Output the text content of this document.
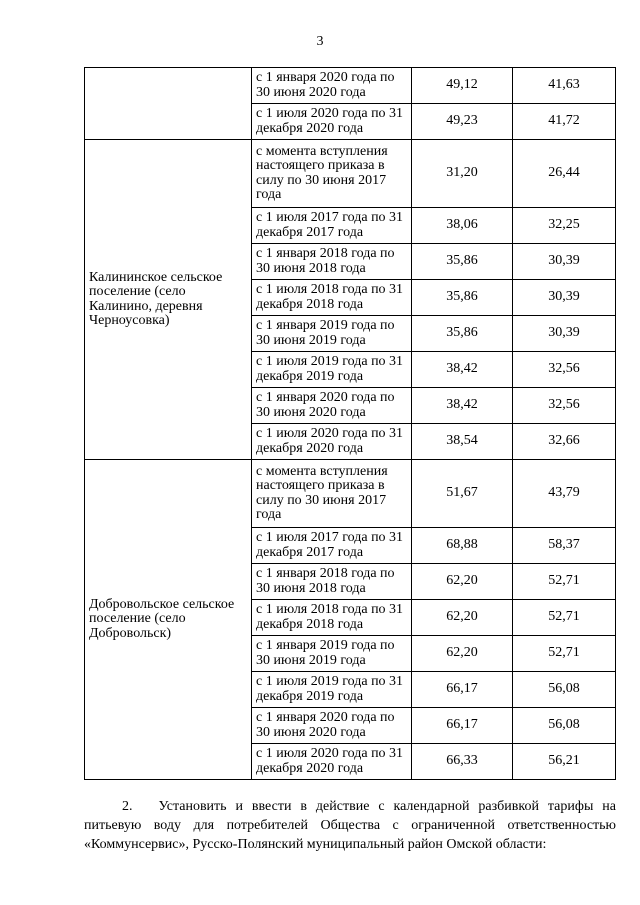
3
	с 1 января 2020 года по 30 июня 2020 года	49,12	41,63
	с 1 июля 2020 года по 31 декабря 2020 года	49,23	41,72
Калининское сельское поселение (село Калинино, деревня Черноусовка)	с момента вступления настоящего приказа в силу по 30 июня 2017 года	31,20	26,44
	с 1 июля 2017 года по 31 декабря 2017 года	38,06	32,25
	с 1 января 2018 года по 30 июня 2018 года	35,86	30,39
	с 1 июля 2018 года по 31 декабря 2018 года	35,86	30,39
	с 1 января 2019 года по 30 июня 2019 года	35,86	30,39
	с 1 июля 2019 года по 31 декабря 2019 года	38,42	32,56
	с 1 января 2020 года по 30 июня 2020 года	38,42	32,56
	с 1 июля 2020 года по 31 декабря 2020 года	38,54	32,66
Добровольское сельское поселение (село Добровольск)	с момента вступления настоящего приказа в силу по 30 июня 2017 года	51,67	43,79
	с 1 июля 2017 года по 31 декабря 2017 года	68,88	58,37
	с 1 января 2018 года по 30 июня 2018 года	62,20	52,71
	с 1 июля 2018 года по 31 декабря 2018 года	62,20	52,71
	с 1 января 2019 года по 30 июня 2019 года	62,20	52,71
	с 1 июля 2019 года по 31 декабря 2019 года	66,17	56,08
	с 1 января 2020 года по 30 июня 2020 года	66,17	56,08
	с 1 июля 2020 года по 31 декабря 2020 года	66,33	56,21

2. Установить и ввести в действие с календарной разбивкой тарифы на питьевую воду для потребителей Общества с ограниченной ответственностью «Коммунсервис», Русско-Полянский муниципальный район Омской области:
